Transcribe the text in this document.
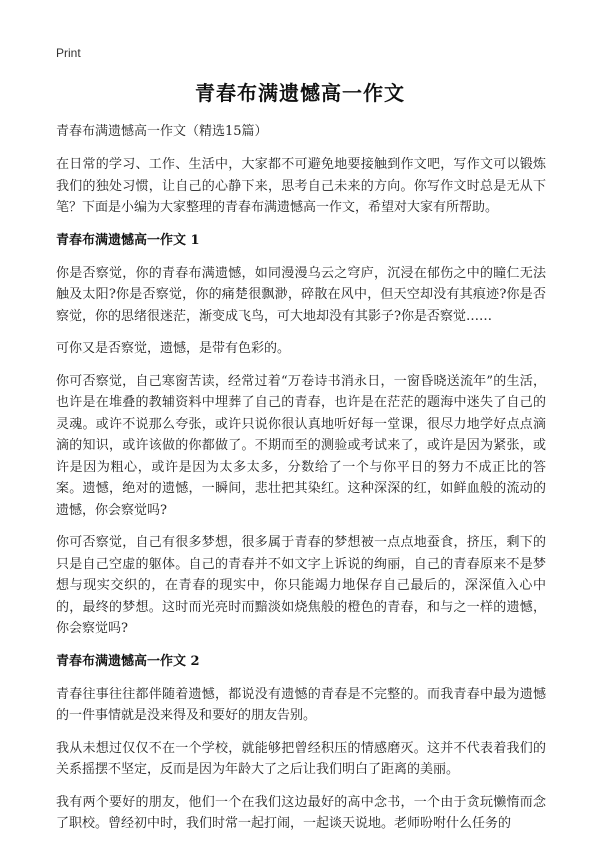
Print
青春布满遗憾高一作文

青春布满遗憾高一作文（精选15篇）

在日常的学习、工作、生活中，大家都不可避免地要接触到作文吧，写作文可以锻炼我们的独处习惯，让自己的心静下来，思考自己未来的方向。你写作文时总是无从下笔？下面是小编为大家整理的青春布满遗憾高一作文，希望对大家有所帮助。

青春布满遗憾高一作文 1

你是否察觉，你的青春布满遗憾，如同漫漫乌云之穹庐，沉浸在郁伤之中的瞳仁无法触及太阳?你是否察觉，你的痛楚很飘渺，碎散在风中，但天空却没有其痕迹?你是否察觉，你的思绪很迷茫，渐变成飞鸟，可大地却没有其影子?你是否察觉……

可你又是否察觉，遗憾，是带有色彩的。

你可否察觉，自己寒窗苦读，经常过着“万卷诗书消永日，一窗昏晓送流年”的生活，也许是在堆叠的教辅资料中埋葬了自己的青春，也许是在茫茫的题海中迷失了自己的灵魂。或许不说那么夸张，或许只说你很认真地听好每一堂课，很尽力地学好点点滴滴的知识，或许该做的你都做了。不期而至的测验或考试来了，或许是因为紧张，或许是因为粗心，或许是因为太多太多，分数给了一个与你平日的努力不成正比的答案。遗憾，绝对的遗憾，一瞬间，悲壮把其染红。这种深深的红，如鲜血般的流动的遗憾，你会察觉吗?

你可否察觉，自己有很多梦想，很多属于青春的梦想被一点点地蚕食，挤压，剩下的只是自己空虚的躯体。自己的青春并不如文字上诉说的绚丽，自己的青春原来不是梦想与现实交织的，在青春的现实中，你只能竭力地保存自己最后的，深深值入心中的，最终的梦想。这时而光亮时而黯淡如烧焦般的橙色的青春，和与之一样的遗憾，你会察觉吗?

青春布满遗憾高一作文 2

青春往事往往都伴随着遗憾，都说没有遗憾的青春是不完整的。而我青春中最为遗憾的一件事情就是没来得及和要好的朋友告别。

我从未想过仅仅不在一个学校，就能够把曾经积压的情感磨灭。这并不代表着我们的关系摇摆不坚定，反而是因为年龄大了之后让我们明白了距离的美丽。

我有两个要好的朋友，他们一个在我们这边最好的高中念书，一个由于贪玩懒惰而念了职校。曾经初中时，我们时常一起打闹，一起谈天说地。老师吩咐什么任务的
